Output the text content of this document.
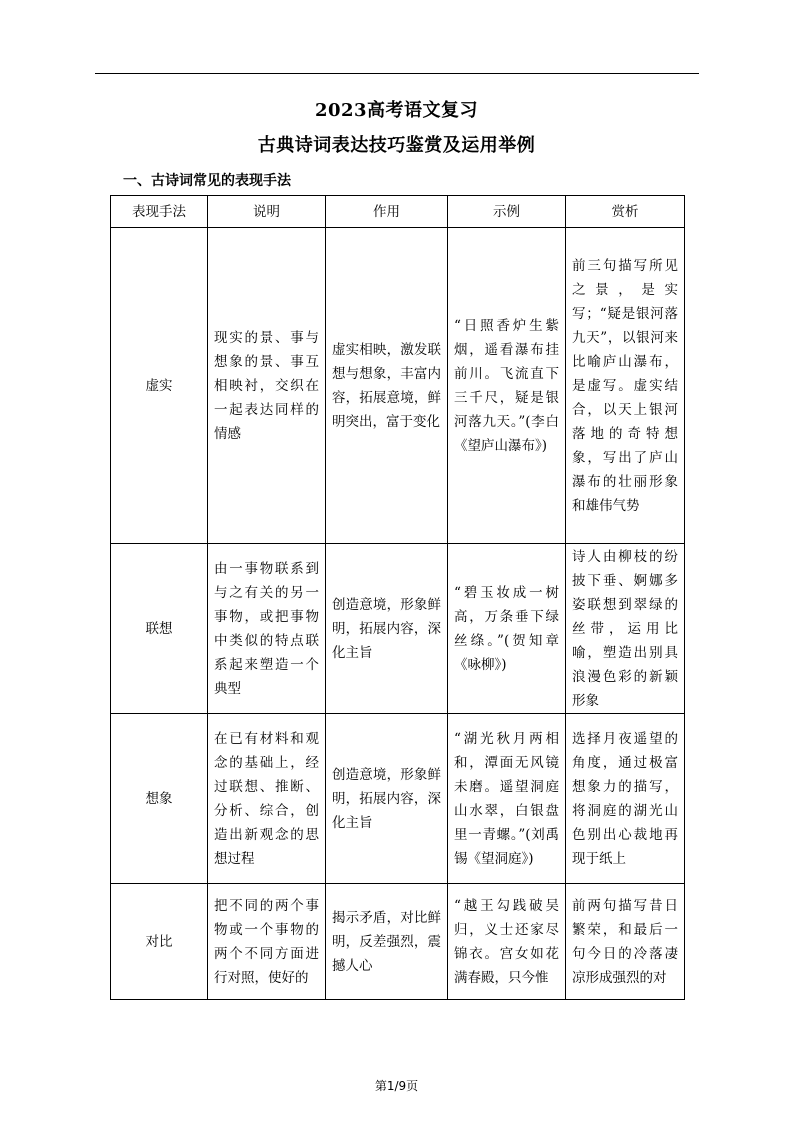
2023高考语文复习
古典诗词表达技巧鉴赏及运用举例
一、古诗词常见的表现手法
表现手法	说明	作用	示例	赏析
虚实	现实的景、事与想象的景、事互相映衬，交织在一起表达同样的情感	虚实相映，激发联想与想象，丰富内容，拓展意境，鲜明突出，富于变化	“日照香炉生紫烟，遥看瀑布挂前川。飞流直下三千尺，疑是银河落九天。”(李白《望庐山瀑布》)	前三句描写所见之景，是实写；“疑是银河落九天”，以银河来比喻庐山瀑布，是虚写。虚实结合，以天上银河落地的奇特想象，写出了庐山瀑布的壮丽形象和雄伟气势
联想	由一事物联系到与之有关的另一事物，或把事物中类似的特点联系起来塑造一个典型	创造意境，形象鲜明，拓展内容，深化主旨	“碧玉妆成一树高，万条垂下绿丝绦。”(贺知章《咏柳》)	诗人由柳枝的纷披下垂、婀娜多姿联想到翠绿的丝带，运用比喻，塑造出别具浪漫色彩的新颖形象
想象	在已有材料和观念的基础上，经过联想、推断、分析、综合，创造出新观念的思想过程	创造意境，形象鲜明，拓展内容，深化主旨	“湖光秋月两相和，潭面无风镜未磨。遥望洞庭山水翠，白银盘里一青螺。”(刘禹锡《望洞庭》)	选择月夜遥望的角度，通过极富想象力的描写，将洞庭的湖光山色别出心裁地再现于纸上
对比	把不同的两个事物或一个事物的两个不同方面进行对照，使好的	揭示矛盾，对比鲜明，反差强烈，震撼人心	“越王勾践破吴归，义士还家尽锦衣。宫女如花满春殿，只今惟	前两句描写昔日繁荣，和最后一句今日的冷落凄凉形成强烈的对
第1/9页
